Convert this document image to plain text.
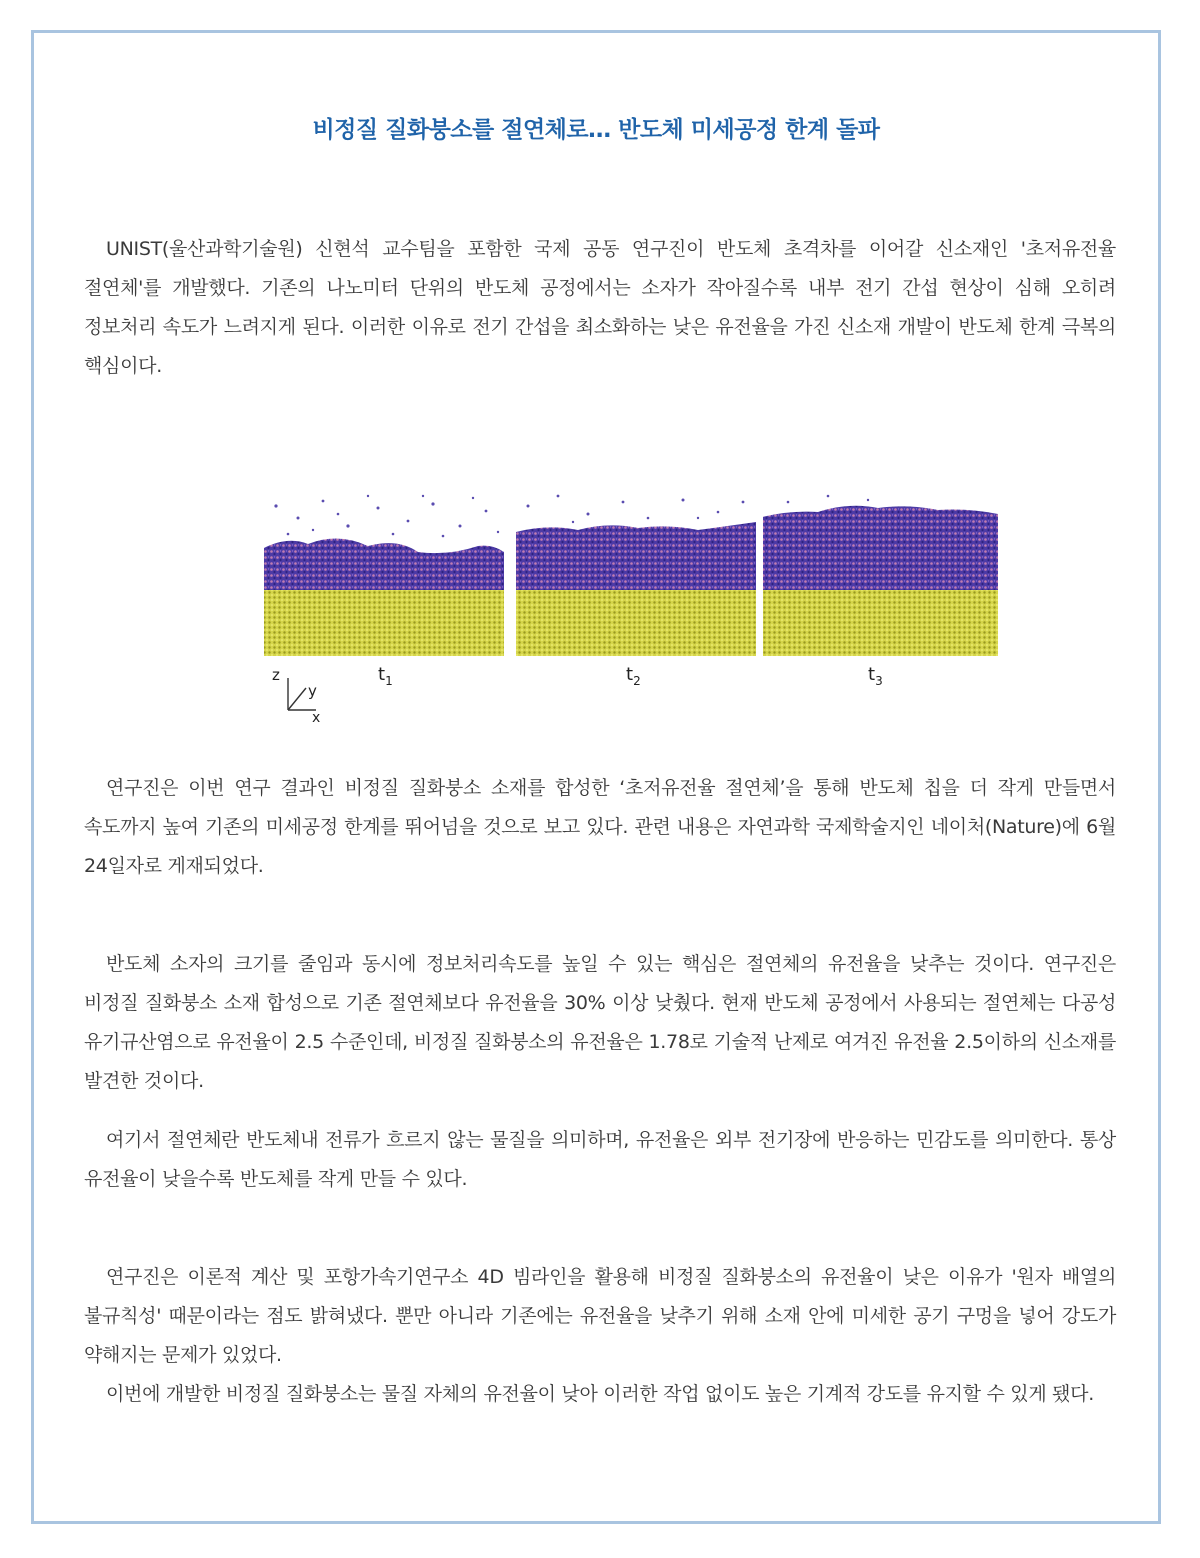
비정질 질화붕소를 절연체로… 반도체 미세공정 한계 돌파

UNIST(울산과학기술원) 신현석 교수팀을 포함한 국제 공동 연구진이 반도체 초격차를 이어갈 신소재인 '초저유전율 절연체'를 개발했다. 기존의 나노미터 단위의 반도체 공정에서는 소자가 작아질수록 내부 전기 간섭 현상이 심해 오히려 정보처리 속도가 느려지게 된다. 이러한 이유로 전기 간섭을 최소화하는 낮은 유전율을 가진 신소재 개발이 반도체 한계 극복의 핵심이다.

$t_1$	$t_2$	$t_3$
z
y
x

연구진은 이번 연구 결과인 비정질 질화붕소 소재를 합성한 ‘초저유전율 절연체’을 통해 반도체 칩을 더 작게 만들면서 속도까지 높여 기존의 미세공정 한계를 뛰어넘을 것으로 보고 있다. 관련 내용은 자연과학 국제학술지인 네이처(Nature)에 6월 24일자로 게재되었다.

반도체 소자의 크기를 줄임과 동시에 정보처리속도를 높일 수 있는 핵심은 절연체의 유전율을 낮추는 것이다. 연구진은 비정질 질화붕소 소재 합성으로 기존 절연체보다 유전율을 30% 이상 낮췄다. 현재 반도체 공정에서 사용되는 절연체는 다공성 유기규산염으로 유전율이 2.5 수준인데, 비정질 질화붕소의 유전율은 1.78로 기술적 난제로 여겨진 유전율 2.5이하의 신소재를 발견한 것이다.

여기서 절연체란 반도체내 전류가 흐르지 않는 물질을 의미하며, 유전율은 외부 전기장에 반응하는 민감도를 의미한다. 통상 유전율이 낮을수록 반도체를 작게 만들 수 있다.

연구진은 이론적 계산 및 포항가속기연구소 4D 빔라인을 활용해 비정질 질화붕소의 유전율이 낮은 이유가 '원자 배열의 불규칙성' 때문이라는 점도 밝혀냈다. 뿐만 아니라 기존에는 유전율을 낮추기 위해 소재 안에 미세한 공기 구멍을 넣어 강도가 약해지는 문제가 있었다.

이번에 개발한 비정질 질화붕소는 물질 자체의 유전율이 낮아 이러한 작업 없이도 높은 기계적 강도를 유지할 수 있게 됐다.
